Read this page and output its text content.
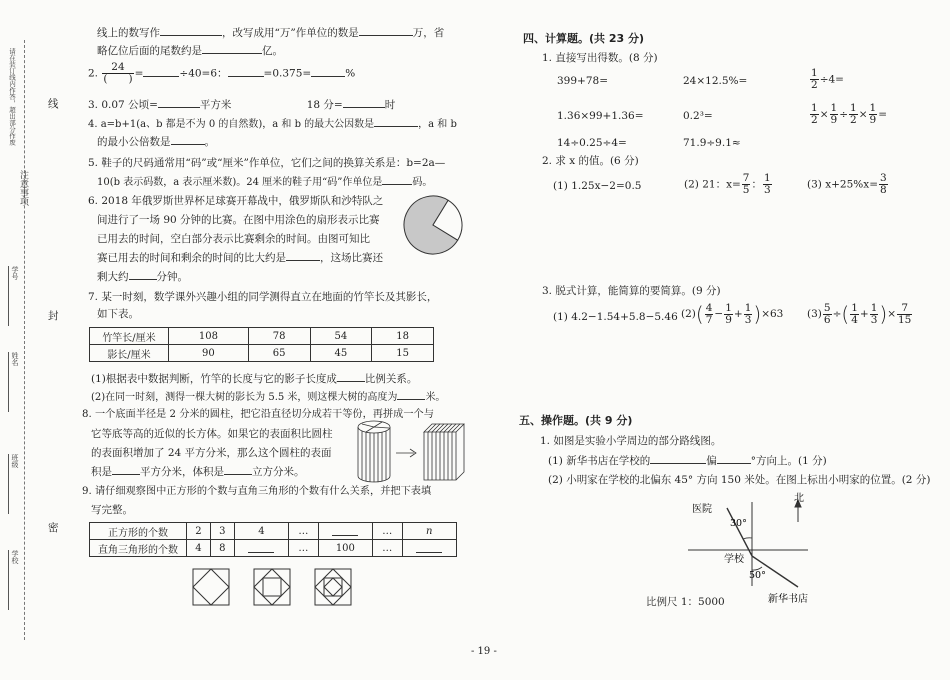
请在装订线内作答，超出部分作废
注意事项
线
封
密
学号
姓名
班级
学校
线上的数写作	，改写成用“万”作单位的数是	万，省
略亿位后面的尾数约是	亿。
2. $\frac{24}{( )}$ =	÷40=6：	=0.375=	%
3. 0.07 公顷=	平方米	18 分=	时
4. a=b+1(a、b 都是不为 0 的自然数)，a 和 b 的最大公因数是	，a 和 b
的最小公倍数是	。
5. 鞋子的尺码通常用“码”或“厘米”作单位，它们之间的换算关系是：b=2a—
10(b 表示码数，a 表示厘米数)。24 厘米的鞋子用“码”作单位是	码。
6. 2018 年俄罗斯世界杯足球赛开幕战中，俄罗斯队和沙特队之
间进行了一场 90 分钟的比赛。在图中用涂色的扇形表示比赛
已用去的时间，空白部分表示比赛剩余的时间。由图可知比
赛已用去的时间和剩余的时间的比大约是	，这场比赛还
剩大约	分钟。
7. 某一时刻，数学课外兴趣小组的同学测得直立在地面的竹竿长及其影长，
如下表。
竹竿长/厘米	108	78	54	18
影长/厘米	90	65	45	15
(1)根据表中数据判断，竹竿的长度与它的影子长度成	比例关系。
(2)在同一时刻，测得一棵大树的影长为 5.5 米，则这棵大树的高度为	米。
8. 一个底面半径是 2 分米的圆柱，把它沿直径切分成若干等份，再拼成一个与
它等底等高的近似的长方体。如果它的表面积比圆柱
的表面积增加了 24 平方分米，那么这个圆柱的表面
积是	平方分米，体积是	立方分米。
9. 请仔细观察图中正方形的个数与直角三角形的个数有什么关系，并把下表填
写完整。
正方形的个数	2	3	4	…		…	n
直角三角形的个数	4	8		…	100	…	
四、计算题。(共 23 分)
1. 直接写出得数。(8 分)
399+78=	24×12.5%=	$\frac{1}{2} \div 4=$
1.36×99+1.36=	0.2³=	$\frac{1}{2} \times \frac{1}{9} \div \frac{1}{2} \times \frac{1}{9}$ =
14÷0.25÷4=	71.9÷9.1≈
2. 求 x 的值。(6 分)
(1) 1.25x−2=0.5	(2) 21：$x= \frac{7}{5}$ ： $\frac{1}{3}$	(3) $x+25\%x= \frac{3}{8}$
3. 脱式计算，能简算的要简算。(9 分)
(1) 4.2−1.54+5.8−5.46 $(2)( \frac{4}{7} - \frac{1}{9} + \frac{1}{3} )\times 63$ $(3) \frac{5}{6}$ ÷( $\frac{1}{4} + \frac{1}{3}$ )× $\frac{7}{15}$
五、操作题。(共 9 分)
1. 如图是实验小学周边的部分路线图。
(1) 新华书店在学校的	偏	°方向上。(1 分)
(2) 小明家在学校的北偏东 45° 方向 150 米处。在图上标出小明家的位置。(2 分)
北
30°
50°
医院
学校
新华书店
比例尺 1：5000
- 19 -
